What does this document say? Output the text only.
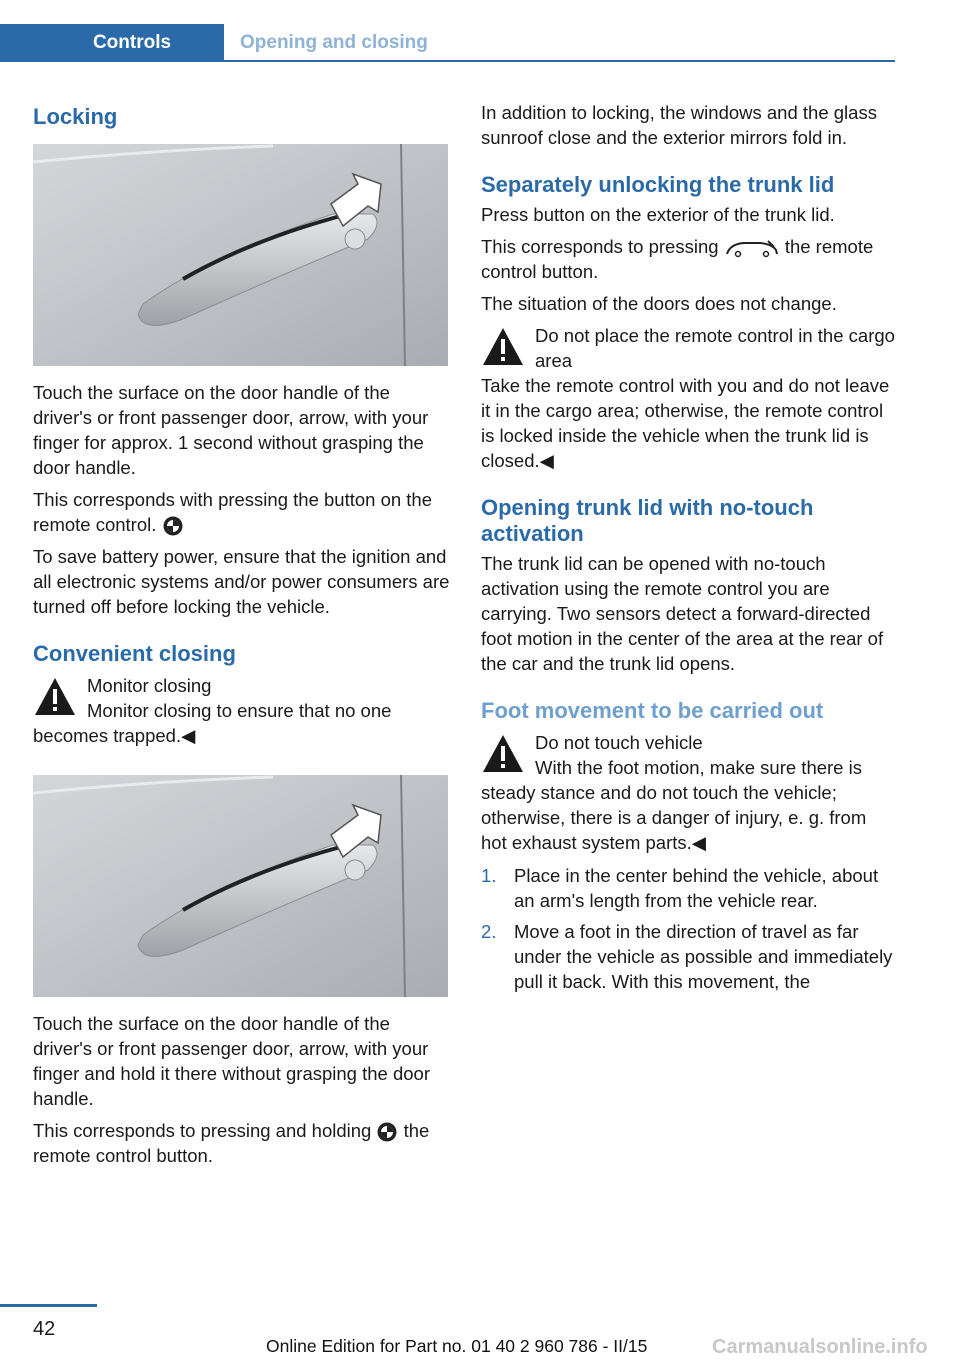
Controls	Opening and closing
Locking

Touch the surface on the door handle of the driver's or front passenger door, arrow, with your finger for approx. 1 second without grasping the door handle.

This corresponds with pressing the button on the remote control.

To save battery power, ensure that the ignition and all electronic systems and/or power consumers are turned off before locking the vehicle.

Convenient closing
Monitor closing
Monitor closing to ensure that no one becomes trapped.◀

Touch the surface on the door handle of the driver's or front passenger door, arrow, with your finger and hold it there without grasping the door handle.

This corresponds to pressing and holding the remote control button.

In addition to locking, the windows and the glass sunroof close and the exterior mirrors fold in.

Separately unlocking the trunk lid

Press button on the exterior of the trunk lid.

This corresponds to pressing	the remote control button.

The situation of the doors does not change.

Do not place the remote control in the cargo area
Take the remote control with you and do not leave it in the cargo area; otherwise, the remote control is locked inside the vehicle when the trunk lid is closed.◀
Opening trunk lid with no-touch activation

The trunk lid can be opened with no-touch activation using the remote control you are carrying. Two sensors detect a forward-directed foot motion in the center of the area at the rear of the car and the trunk lid opens.

Foot movement to be carried out
Do not touch vehicle
With the foot motion, make sure there is steady stance and do not touch the vehicle; otherwise, there is a danger of injury, e. g. from hot exhaust system parts.◀
1. Place in the center behind the vehicle, about an arm's length from the vehicle rear.
2. Move a foot in the direction of travel as far under the vehicle as possible and immediately pull it back. With this movement, the
42
Online Edition for Part no. 01 40 2 960 786 - II/15	Carmanualsonline.info
